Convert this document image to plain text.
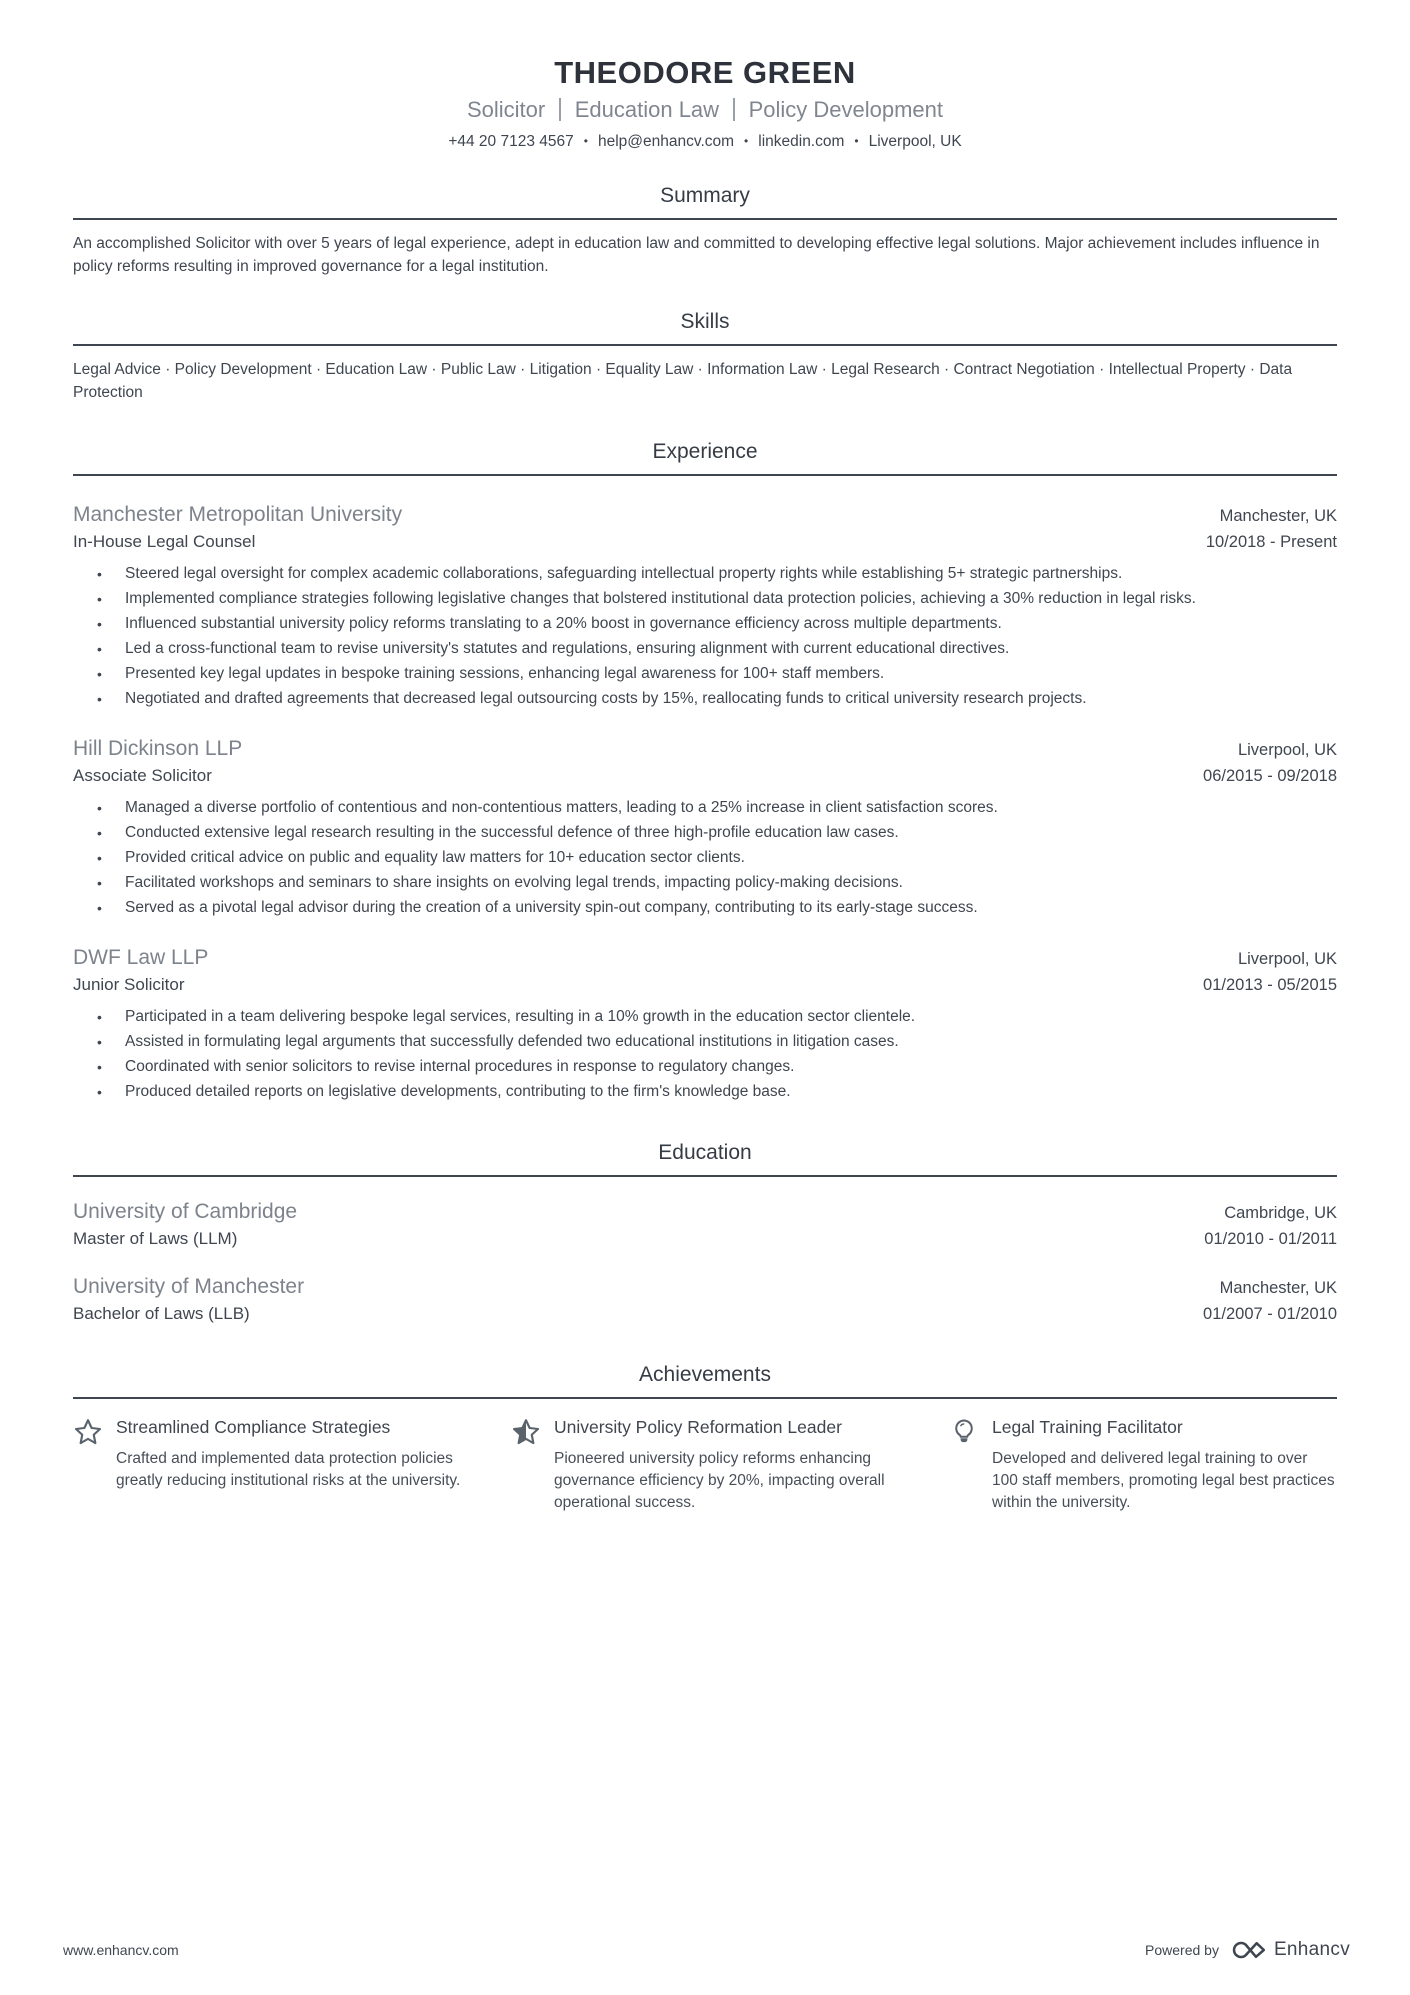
THEODORE GREEN
Solicitor Education Law Policy Development
+44 20 7123 4567 • help@enhancv.com • linkedin.com • Liverpool, UK
Summary

An accomplished Solicitor with over 5 years of legal experience, adept in education law and committed to developing effective legal solutions. Major achievement includes influence in policy reforms resulting in improved governance for a legal institution.

Skills

Legal Advice · Policy Development · Education Law · Public Law · Litigation · Equality Law · Information Law · Legal Research · Contract Negotiation · Intellectual Property · Data Protection

Experience
Manchester Metropolitan University	Manchester, UK
In-House Legal Counsel	10/2018 - Present
• Steered legal oversight for complex academic collaborations, safeguarding intellectual property rights while establishing 5+ strategic partnerships.
• Implemented compliance strategies following legislative changes that bolstered institutional data protection policies, achieving a 30% reduction in legal risks.
• Influenced substantial university policy reforms translating to a 20% boost in governance efficiency across multiple departments.
• Led a cross-functional team to revise university's statutes and regulations, ensuring alignment with current educational directives.
• Presented key legal updates in bespoke training sessions, enhancing legal awareness for 100+ staff members.
• Negotiated and drafted agreements that decreased legal outsourcing costs by 15%, reallocating funds to critical university research projects.
Hill Dickinson LLP	Liverpool, UK
Associate Solicitor	06/2015 - 09/2018
• Managed a diverse portfolio of contentious and non-contentious matters, leading to a 25% increase in client satisfaction scores.
• Conducted extensive legal research resulting in the successful defence of three high-profile education law cases.
• Provided critical advice on public and equality law matters for 10+ education sector clients.
• Facilitated workshops and seminars to share insights on evolving legal trends, impacting policy-making decisions.
• Served as a pivotal legal advisor during the creation of a university spin-out company, contributing to its early-stage success.
DWF Law LLP	Liverpool, UK
Junior Solicitor	01/2013 - 05/2015
• Participated in a team delivering bespoke legal services, resulting in a 10% growth in the education sector clientele.
• Assisted in formulating legal arguments that successfully defended two educational institutions in litigation cases.
• Coordinated with senior solicitors to revise internal procedures in response to regulatory changes.
• Produced detailed reports on legislative developments, contributing to the firm's knowledge base.
Education
University of Cambridge	Cambridge, UK
Master of Laws (LLM)	01/2010 - 01/2011
University of Manchester	Manchester, UK
Bachelor of Laws (LLB)	01/2007 - 01/2010
Achievements
Streamlined Compliance Strategies

Crafted and implemented data protection policies greatly reducing institutional risks at the university.

University Policy Reformation Leader

Pioneered university policy reforms enhancing governance efficiency by 20%, impacting overall operational success.

Legal Training Facilitator

Developed and delivered legal training to over 100 staff members, promoting legal best practices within the university.

www.enhancv.com	Powered by	Enhancv
